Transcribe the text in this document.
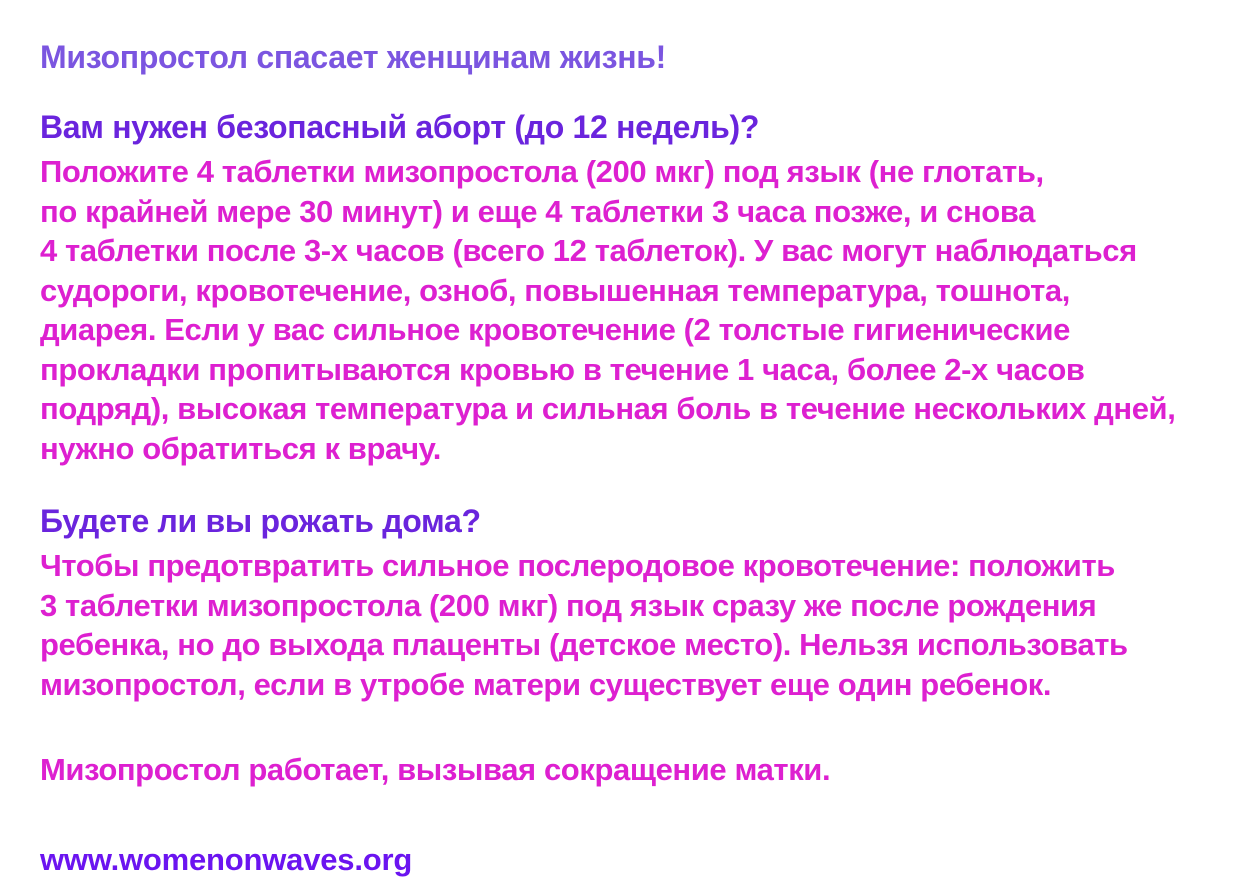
Мизопростол спасает женщинам жизнь!
Вам нужен безопасный аборт (до 12 недель)?
Положите 4 таблетки мизопростола (200 мкг) под язык (не глотать,
по крайней мере 30 минут) и еще 4 таблетки 3 часа позже, и снова
4 таблетки после 3-х часов (всего 12 таблеток). У вас могут наблюдаться
судороги, кровотечение, озноб, повышенная температура, тошнота,
диарея. Если у вас сильное кровотечение (2 толстые гигиенические
прокладки пропитываются кровью в течение 1 часа, более 2-х часов
подряд), высокая температура и сильная боль в течение нескольких дней,
нужно обратиться к врачу.
Будете ли вы рожать дома?
Чтобы предотвратить сильное послеродовое кровотечение: положить
3 таблетки мизопростола (200 мкг) под язык сразу же после рождения
ребенка, но до выхода плаценты (детское место). Нельзя использовать
мизопростол, если в утробе матери существует еще один ребенок.
Мизопростол работает, вызывая сокращение матки.
www.womenonwaves.org
